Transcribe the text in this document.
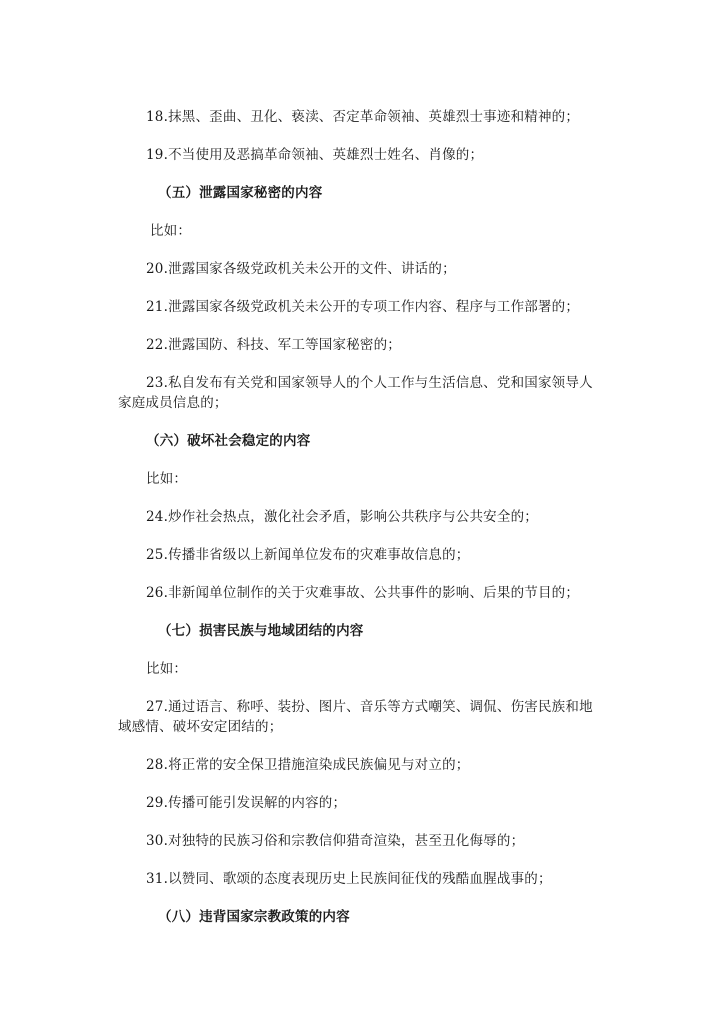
18.抹黑、歪曲、丑化、亵渎、否定革命领袖、英雄烈士事迹和精神的；
19.不当使用及恶搞革命领袖、英雄烈士姓名、肖像的；
（五）泄露国家秘密的内容
比如：
20.泄露国家各级党政机关未公开的文件、讲话的；
21.泄露国家各级党政机关未公开的专项工作内容、程序与工作部署的；
22.泄露国防、科技、军工等国家秘密的；
23.私自发布有关党和国家领导人的个人工作与生活信息、党和国家领导人
家庭成员信息的；
（六）破坏社会稳定的内容
比如：
24.炒作社会热点，激化社会矛盾，影响公共秩序与公共安全的；
25.传播非省级以上新闻单位发布的灾难事故信息的；
26.非新闻单位制作的关于灾难事故、公共事件的影响、后果的节目的；
（七）损害民族与地域团结的内容
比如：
27.通过语言、称呼、装扮、图片、音乐等方式嘲笑、调侃、伤害民族和地
域感情、破坏安定团结的；
28.将正常的安全保卫措施渲染成民族偏见与对立的；
29.传播可能引发误解的内容的；
30.对独特的民族习俗和宗教信仰猎奇渲染，甚至丑化侮辱的；
31.以赞同、歌颂的态度表现历史上民族间征伐的残酷血腥战事的；
（八）违背国家宗教政策的内容
